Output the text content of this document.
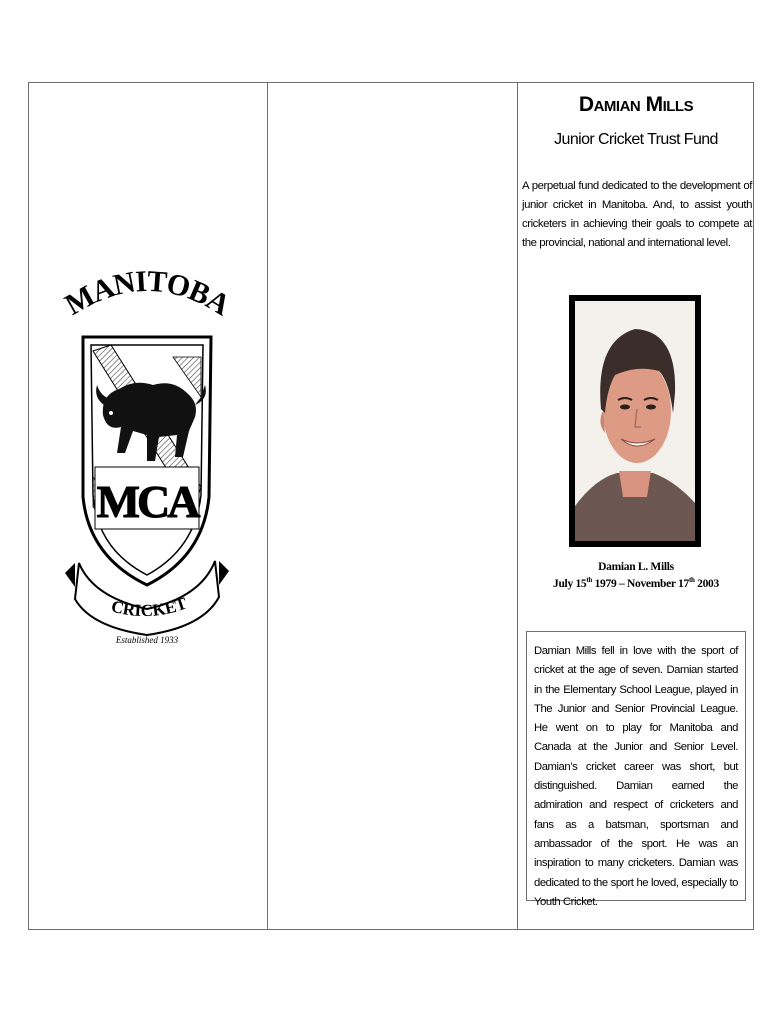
MANITOBA
MCA
CRICKET
Established 1933
Damian Mills
Junior Cricket Trust Fund
A perpetual fund dedicated to the development of junior cricket in Manitoba. And, to assist youth cricketers in achieving their goals to compete at the provincial, national and international level.
Damian L. Mills
July 15th 1979 – November 17th 2003

Damian Mills fell in love with the sport of cricket at the age of seven. Damian started in the Elementary School League, played in The Junior and Senior Provincial League. He went on to play for Manitoba and Canada at the Junior and Senior Level. Damian’s cricket career was short, but distinguished. Damian earned the admiration and respect of cricketers and fans as a batsman, sportsman and ambassador of the sport. He was an inspiration to many cricketers. Damian was dedicated to the sport he loved, especially to Youth Cricket.
